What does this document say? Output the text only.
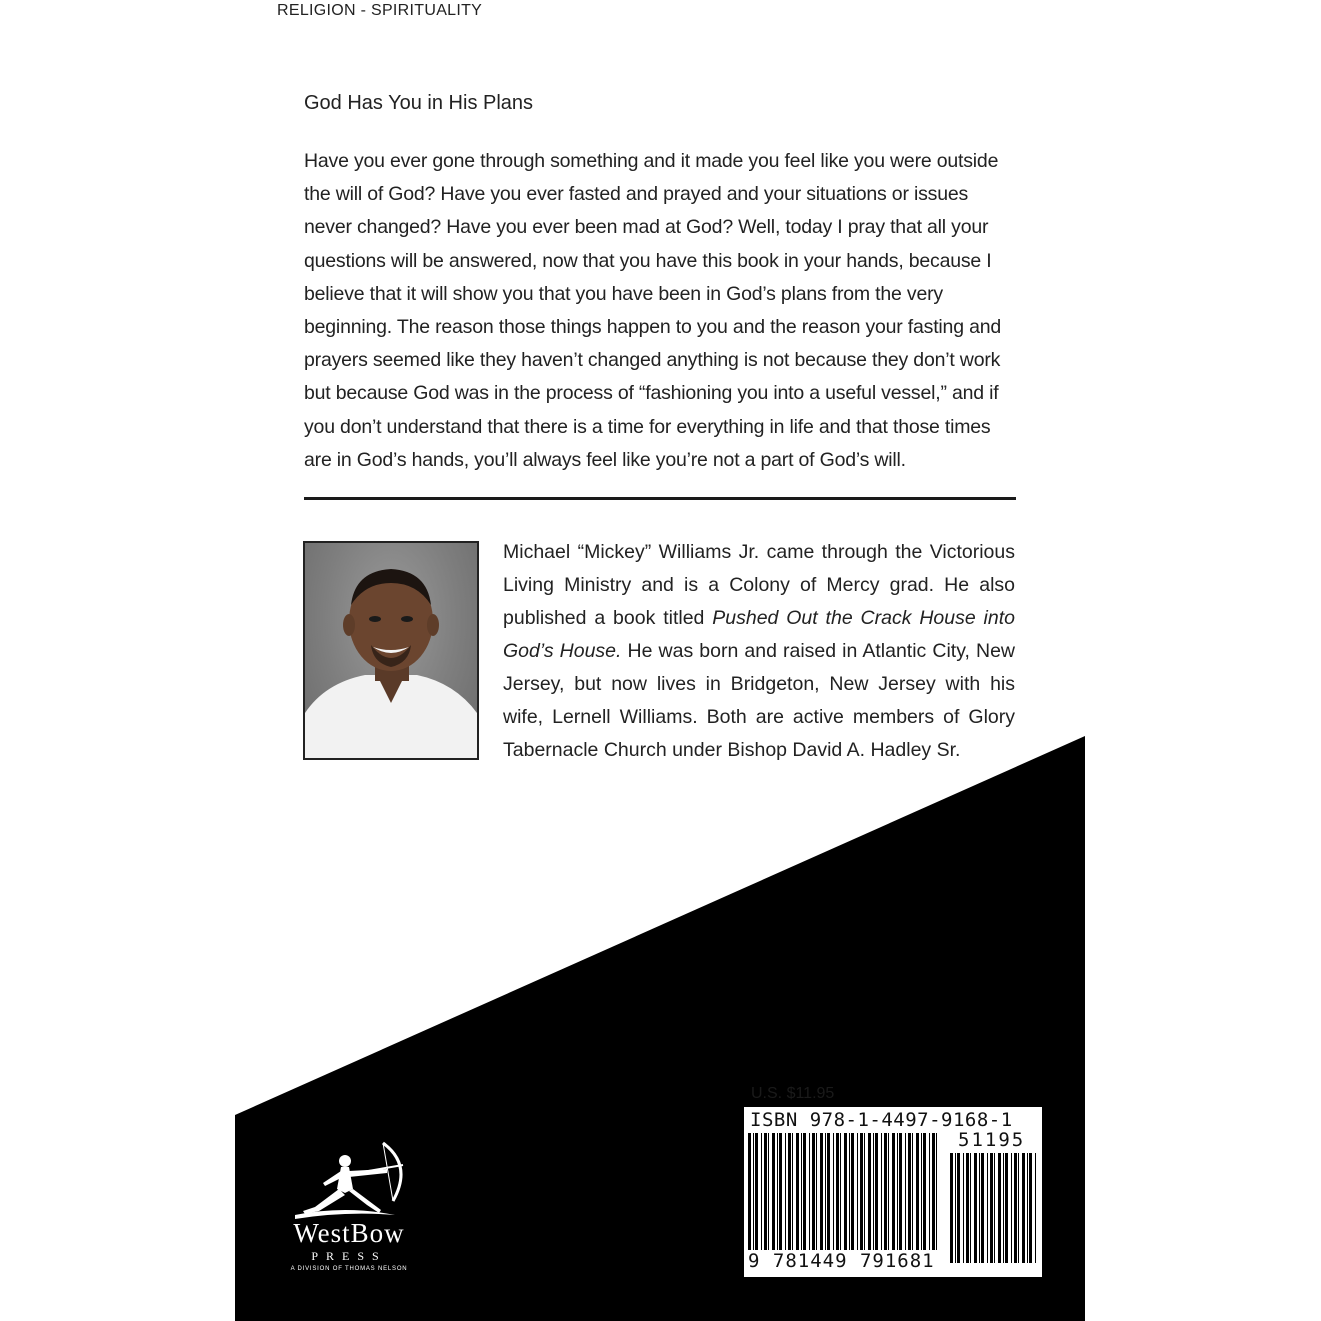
RELIGION - SPIRITUALITY
God Has You in His Plans
Have you ever gone through something and it made you feel like you were outside the will of God? Have you ever fasted and prayed and your situations or issues never changed? Have you ever been mad at God? Well, today I pray that all your questions will be answered, now that you have this book in your hands, because I believe that it will show you that you have been in God’s plans from the very beginning. The reason those things happen to you and the reason your fasting and prayers seemed like they haven’t changed anything is not because they don’t work but because God was in the process of “fashioning you into a useful vessel,” and if you don’t understand that there is a time for everything in life and that those times are in God’s hands, you’ll always feel like you’re not a part of God’s will.
Michael “Mickey” Williams Jr. came through the Victorious Living Ministry and is a Colony of Mercy grad. He also published a book titled Pushed Out the Crack House into God’s House. He was born and raised in Atlantic City, New Jersey, but now lives in Bridgeton, New Jersey with his wife, Lernell Williams. Both are active members of Glory Tabernacle Church under Bishop David A. Hadley Sr.
U.S. $11.95
ISBN 978-1-4497-9168-1
51195
9 781449 791681
WestBow
PRESS
A DIVISION OF THOMAS NELSON
